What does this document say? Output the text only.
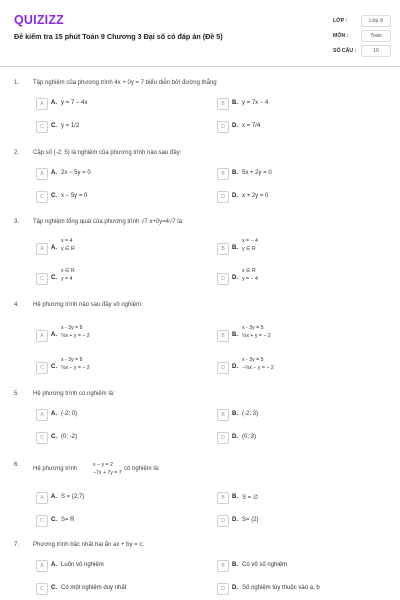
QUIZIZZ
Đề kiểm tra 15 phút Toán 9 Chương 3 Đại số có đáp án (Đề 5)
LỚP :	Lớp 9
MÔN :	Toán
SỐ CÂU :	10
1. Tập nghiệm của phương trình 4x + 0y = 7 biểu diễn bởi đường thẳng
A	A. y = 7 − 4x	B	B. y = 7x − 4
C	C. y = 1/2	D	D. x = 7/4
2. Cặp số (-2; 5) là nghiệm của phương trình nào sau đây:
A	A. 2x − 5y = 0	B	B. 5x + 2y = 0
C	C. x − 5y = 0	D	D. x + 2y = 0
3. Tập nghiệm tổng quát của phương trình √7 x+0y=4√7 là:
A	A.
x = 4
y ∈ R	B	B.
x = − 4
y ∈ R
C	C.
x ∈ R
y = 4	D	D.
x ∈ R
y = − 4
4. Hệ phương trình nào sau đây vô nghiệm:
A	A.
x - 3y = 6
⅓x + y = − 2	B	B.
x - 3y = 5
⅓x + y = − 2
C	C.
x - 3y = 6
⅓x − y = − 2	D	D.
x - 3y = 5
−⅓x − y = − 2
5. Hệ phương trình có nghiệm là:
A	A. (-2; 0)	B	B. (-2; 3)
C	C. (0; -2)	D	D. (0; 3)
6.
Hệ phương trình
x − y = 2
−7x + 7y = 7
có nghiệm là:
A	A. S = {2;7}	B	B. S = ∅
C	C. S= R	D	D. S= {2}
7. Phương trình bậc nhất hai ẩn ax + by = c:
A	A. Luôn vô nghiệm	B	B. Có vô số nghiệm
C	C. Có một nghiệm duy nhất	D	D. Số nghiệm tùy thuộc vào a, b
